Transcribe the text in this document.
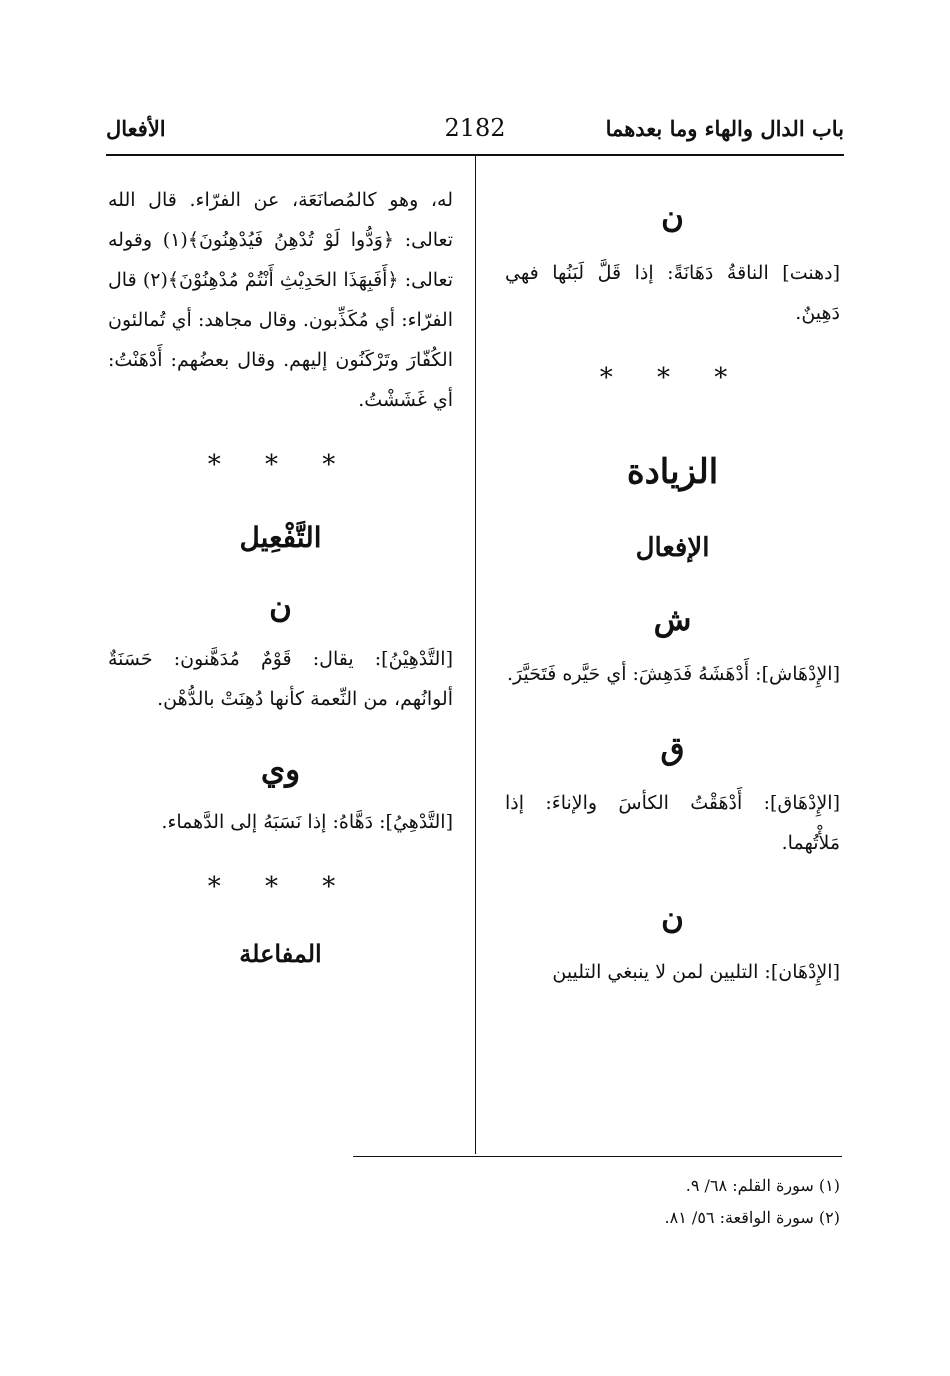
باب الدال والهاء وما بعدهما
2182
الأفعال
ن
[دهنت] الناقةُ دَهَانَةً: إذا قَلَّ لَبَنُها فهي دَهِينٌ.
* * *
الزيادة
الإفعال
ش
[الإِدْهَاش]: أَدْهَشَهُ فَدَهِشَ: أي حَيَّره فَتَحَيَّرَ.
ق
[الإِدْهَاق]: أَدْهَقْتُ الكأسَ والإناءَ: إذا مَلأْتُهما.
ن
[الإِدْهَان]: التليين لمن لا ينبغي التليين
له، وهو كالمُصانَعَة، عن الفرّاء. قال الله تعالى: ﴿وَدُّوا لَوْ تُدْهِنُ فَيُدْهِنُونَ﴾(١) وقوله تعالى: ﴿أَفَبِهَذَا الحَدِيْثِ أَنْتُمْ مُدْهِنُوْنَ﴾(٢) قال الفرّاء: أي مُكَذِّبون. وقال مجاهد: أي تُمالئون الكُفّارَ وتَرْكَنُون إليهم. وقال بعضُهم: أَدْهَنْتُ: أي غَشَشْتُ.
* * *
التَّفْعِيل
ن
[التَّدْهِيْنُ]: يقال: قَوْمٌ مُدَهَّنون: حَسَنَةٌ ألوانُهم، من النِّعمة كأنها دُهِنَتْ بالدُّهْن.
وي
[التَّدْهِيُ]: دَهَّاهُ: إذا نَسَبَهُ إلى الدَّهماء.
* * *
المفاعلة
(١) سورة القلم: ٦٨/ ٩.
(٢) سورة الواقعة: ٥٦/ ٨١.
